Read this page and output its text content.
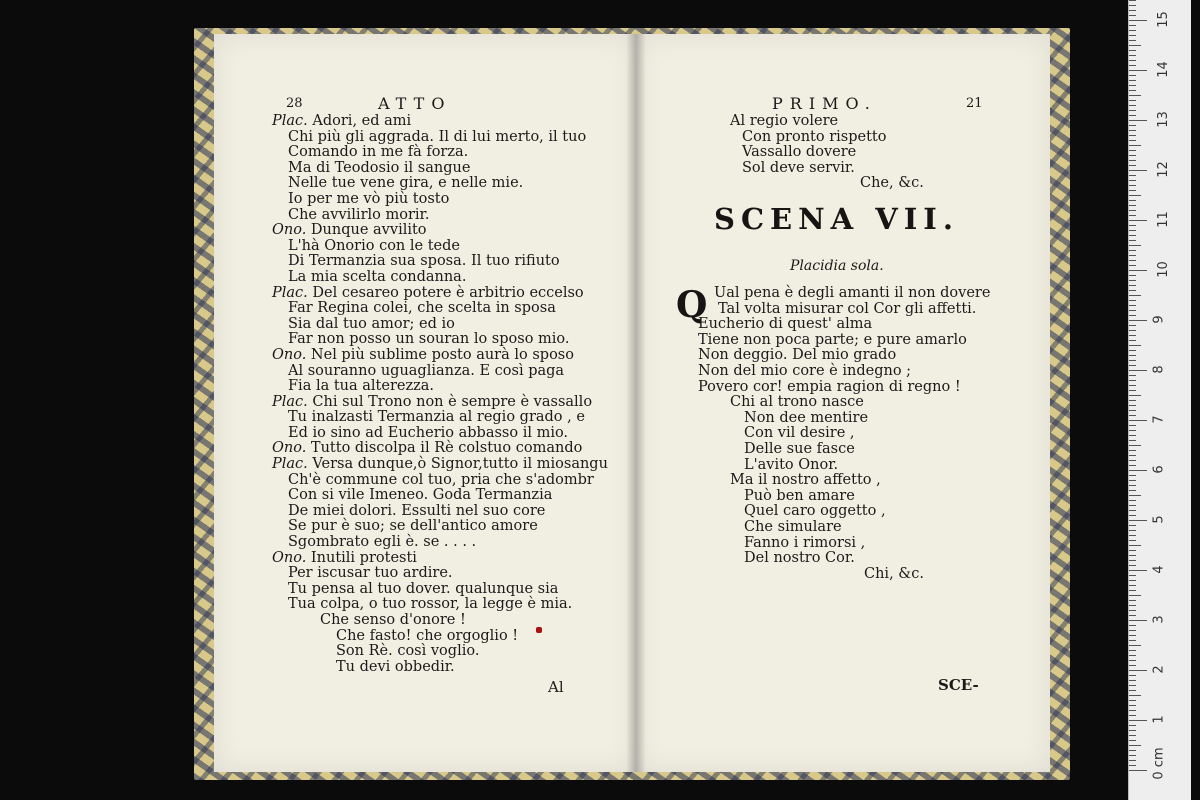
28	ATTO
Plac. Adori, ed ami
Chi più gli aggrada. Il di lui merto, il tuo
Comando in me fà forza.
Ma di Teodosio il sangue
Nelle tue vene gira, e nelle mie.
Io per me vò più tosto
Che avvilirlo morir.
Ono. Dunque avvilito
L'hà Onorio con le tede
Di Termanzia sua sposa. Il tuo rifiuto
La mia scelta condanna.
Plac. Del cesareo potere è arbitrio eccelso
Far Regina colei, che scelta in sposa
Sia dal tuo amor; ed io
Far non posso un souran lo sposo mio.
Ono. Nel più sublime posto aurà lo sposo
Al souranno uguaglianza. E così paga
Fia la tua alterezza.
Plac. Chi sul Trono non è sempre è vassallo
Tu inalzasti Termanzia al regio grado , e
Ed io sino ad Eucherio abbasso il mio.
Ono. Tutto discolpa il Rè colstuo comando
Plac. Versa dunque,ò Signor,tutto il miosangu
Ch'è commune col tuo, pria che s'adombr
Con si vile Imeneo. Goda Termanzia
De miei dolori. Essulti nel suo core
Se pur è suo; se dell'antico amore
Sgombrato egli è. se . . . .
Ono. Inutili protesti
Per iscusar tuo ardire.
Tu pensa al tuo dover. qualunque sia
Tua colpa, o tuo rossor, la legge è mia.
Che senso d'onore !
Che fasto! che orgoglio !
Son Rè. così voglio.
Tu devi obbedir.
Al
PRIMO.	21
Al regio volere
Con pronto rispetto
Vassallo dovere
Sol deve servir.
Che, &c.
SCENA VII.
Placidia sola.
Q Ual pena è degli amanti il non dovere
Tal volta misurar col Cor gli affetti.
Eucherio di quest' alma
Tiene non poca parte; e pure amarlo
Non deggio. Del mio grado
Non del mio core è indegno ;
Povero cor! empia ragion di regno !
Chi al trono nasce
Non dee mentire
Con vil desire ,
Delle sue fasce
L'avito Onor.
Ma il nostro affetto ,
Può ben amare
Quel caro oggetto ,
Che simulare
Fanno i rimorsi ,
Del nostro Cor.
Chi, &c.
SCE-
0 cm
1
2
3
4
5
6
7
8
9
10
11
12
13
14
15
